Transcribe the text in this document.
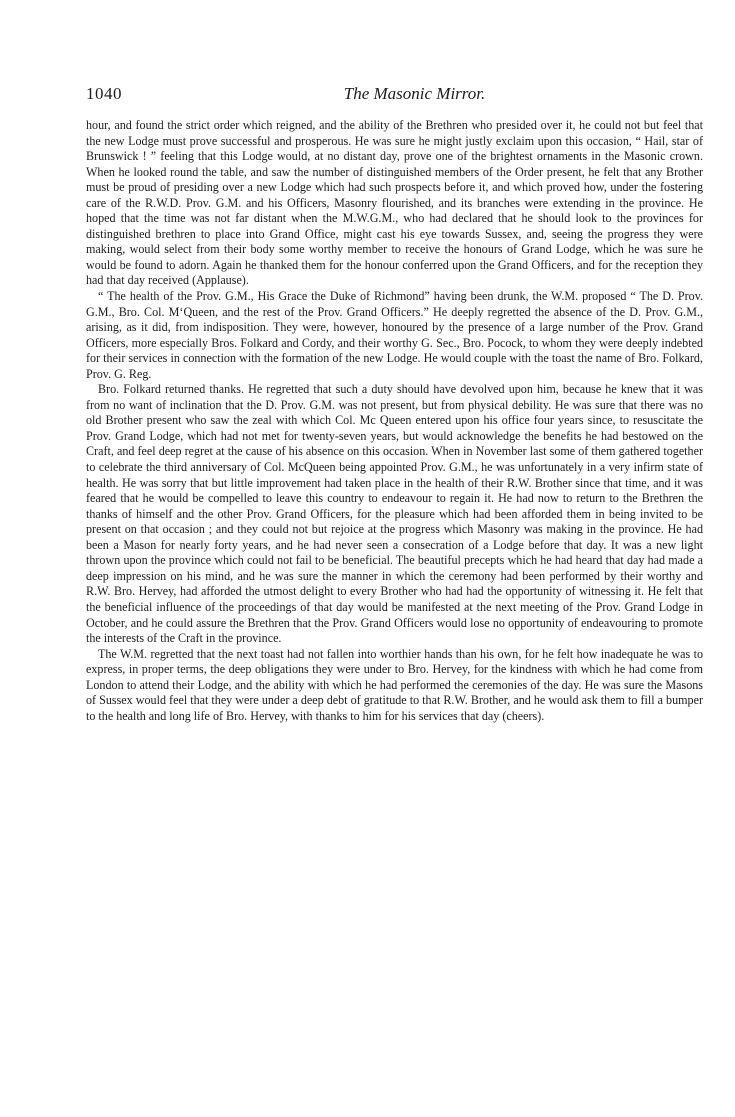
1040	The Masonic Mirror.

hour, and found the strict order which reigned, and the ability of the Brethren who presided over it, he could not but feel that the new Lodge must prove successful and prosperous. He was sure he might justly exclaim upon this occasion, “ Hail, star of Brunswick ! ” feeling that this Lodge would, at no distant day, prove one of the brightest ornaments in the Masonic crown. When he looked round the table, and saw the number of distinguished members of the Order present, he felt that any Brother must be proud of presiding over a new Lodge which had such prospects before it, and which proved how, under the fostering care of the R.W.D. Prov. G.M. and his Officers, Masonry flourished, and its branches were extending in the province. He hoped that the time was not far distant when the M.W.G.M., who had declared that he should look to the provinces for distinguished brethren to place into Grand Office, might cast his eye towards Sussex, and, seeing the progress they were making, would select from their body some worthy member to receive the honours of Grand Lodge, which he was sure he would be found to adorn. Again he thanked them for the honour conferred upon the Grand Officers, and for the reception they had that day received (Applause).

“ The health of the Prov. G.M., His Grace the Duke of Richmond” having been drunk, the W.M. proposed “ The D. Prov. G.M., Bro. Col. M‘Queen, and the rest of the Prov. Grand Officers.” He deeply regretted the absence of the D. Prov. G.M., arising, as it did, from indisposition. They were, however, honoured by the presence of a large number of the Prov. Grand Officers, more especially Bros. Folkard and Cordy, and their worthy G. Sec., Bro. Pocock, to whom they were deeply indebted for their services in connection with the formation of the new Lodge. He would couple with the toast the name of Bro. Folkard, Prov. G. Reg.

Bro. Folkard returned thanks. He regretted that such a duty should have devolved upon him, because he knew that it was from no want of inclination that the D. Prov. G.M. was not present, but from physical debility. He was sure that there was no old Brother present who saw the zeal with which Col. Mc Queen entered upon his office four years since, to resuscitate the Prov. Grand Lodge, which had not met for twenty-seven years, but would acknowledge the benefits he had bestowed on the Craft, and feel deep regret at the cause of his absence on this occasion. When in November last some of them gathered together to celebrate the third anniversary of Col. McQueen being appointed Prov. G.M., he was unfortunately in a very infirm state of health. He was sorry that but little improvement had taken place in the health of their R.W. Brother since that time, and it was feared that he would be compelled to leave this country to endeavour to regain it. He had now to return to the Brethren the thanks of himself and the other Prov. Grand Officers, for the pleasure which had been afforded them in being invited to be present on that occasion ; and they could not but rejoice at the progress which Masonry was making in the province. He had been a Mason for nearly forty years, and he had never seen a consecration of a Lodge before that day. It was a new light thrown upon the province which could not fail to be beneficial. The beautiful precepts which he had heard that day had made a deep impression on his mind, and he was sure the manner in which the ceremony had been performed by their worthy and R.W. Bro. Hervey, had afforded the utmost delight to every Brother who had had the opportunity of witnessing it. He felt that the beneficial influence of the proceedings of that day would be manifested at the next meeting of the Prov. Grand Lodge in October, and he could assure the Brethren that the Prov. Grand Officers would lose no opportunity of endeavouring to promote the interests of the Craft in the province.

The W.M. regretted that the next toast had not fallen into worthier hands than his own, for he felt how inadequate he was to express, in proper terms, the deep obligations they were under to Bro. Hervey, for the kindness with which he had come from London to attend their Lodge, and the ability with which he had performed the ceremonies of the day. He was sure the Masons of Sussex would feel that they were under a deep debt of gratitude to that R.W. Brother, and he would ask them to fill a bumper to the health and long life of Bro. Hervey, with thanks to him for his services that day (cheers).
